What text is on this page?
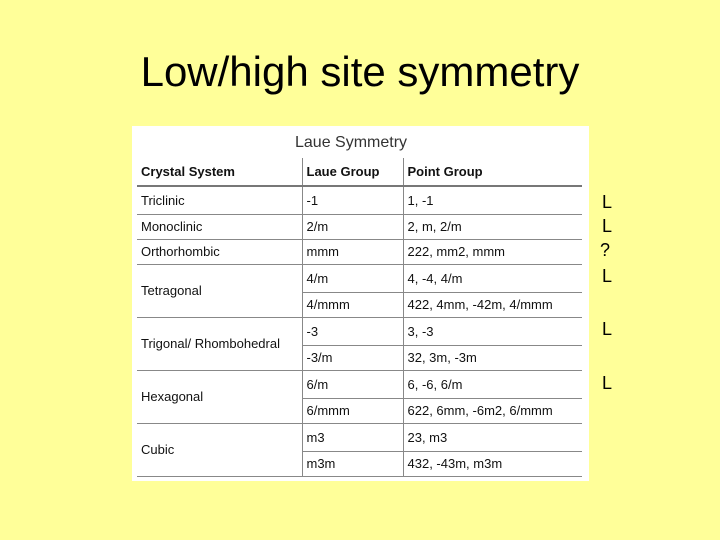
Low/high site symmetry
Laue Symmetry
Crystal System	Laue Group	Point Group
Triclinic	-1	1, -1
Monoclinic	2/m	2, m, 2/m
Orthorhombic	mmm	222, mm2, mmm
Tetragonal	4/m	4, -4, 4/m
	4/mmm	422, 4mm, -42m, 4/mmm
Trigonal/ Rhombohedral	-3	3, -3
	-3/m	32, 3m, -3m
Hexagonal	6/m	6, -6, 6/m
	6/mmm	622, 6mm, -6m2, 6/mmm
Cubic	m3	23, m3
	m3m	432, -43m, m3m
L
L
?
L
L
L
